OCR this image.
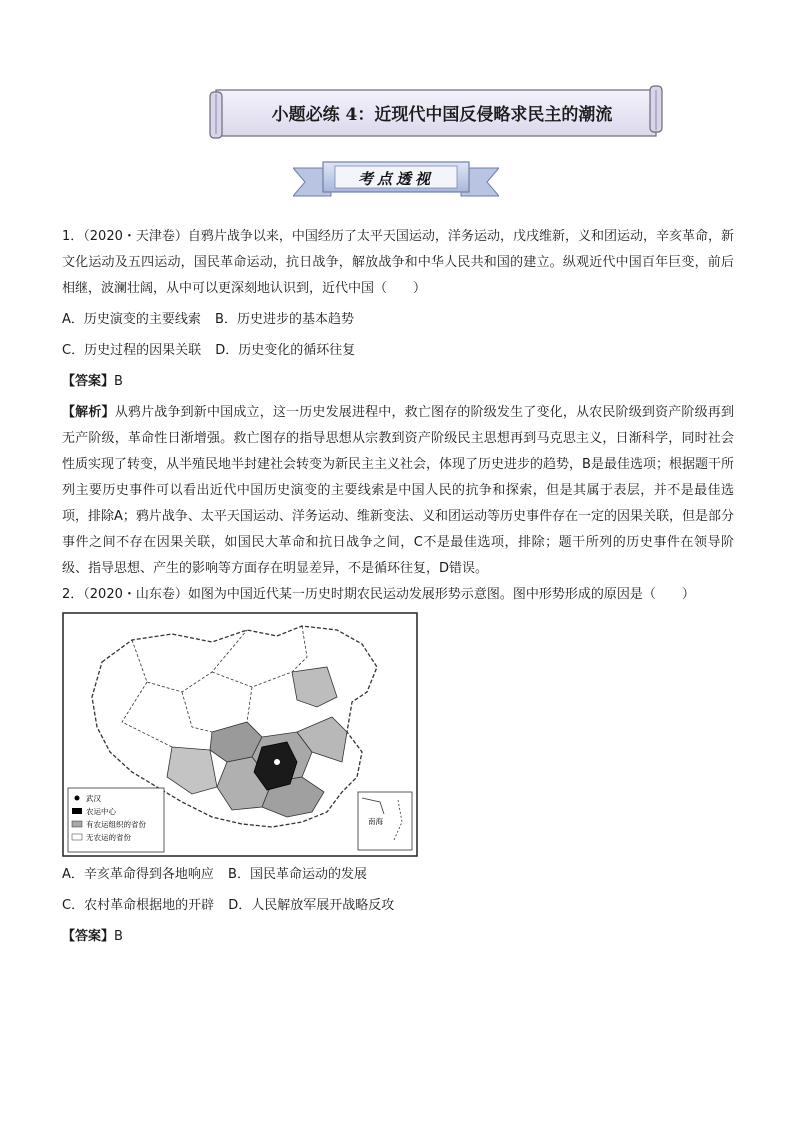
小题必练 4：近现代中国反侵略求民主的潮流
考点透视

1．（2020・天津卷）自鸦片战争以来，中国经历了太平天国运动，洋务运动，戊戌维新，义和团运动，辛亥革命，新文化运动及五四运动，国民革命运动，抗日战争，解放战争和中华人民共和国的建立。纵观近代中国百年巨变，前后相继，波澜壮阔，从中可以更深刻地认识到，近代中国（　　）

A．历史演变的主要线索 B．历史进步的基本趋势

C．历史过程的因果关联 D．历史变化的循环往复

【答案】B

【解析】从鸦片战争到新中国成立，这一历史发展进程中，救亡图存的阶级发生了变化，从农民阶级到资产阶级再到无产阶级，革命性日渐增强。救亡图存的指导思想从宗教到资产阶级民主思想再到马克思主义，日渐科学，同时社会性质实现了转变，从半殖民地半封建社会转变为新民主主义社会，体现了历史进步的趋势，B是最佳选项；根据题干所列主要历史事件可以看出近代中国历史演变的主要线索是中国人民的抗争和探索，但是其属于表层，并不是最佳选项，排除A；鸦片战争、太平天国运动、洋务运动、维新变法、义和团运动等历史事件存在一定的因果关联，但是部分事件之间不存在因果关联，如国民大革命和抗日战争之间，C不是最佳选项，排除；题干所列的历史事件在领导阶级、指导思想、产生的影响等方面存在明显差异，不是循环往复，D错误。

2．（2020・山东卷）如图为中国近代某一历史时期农民运动发展形势示意图。图中形势形成的原因是（　　）

武汉
农运中心
有农运组织的省份
无农运的省份
南海

A．辛亥革命得到各地响应 B．国民革命运动的发展

C．农村革命根据地的开辟 D．人民解放军展开战略反攻

【答案】B
